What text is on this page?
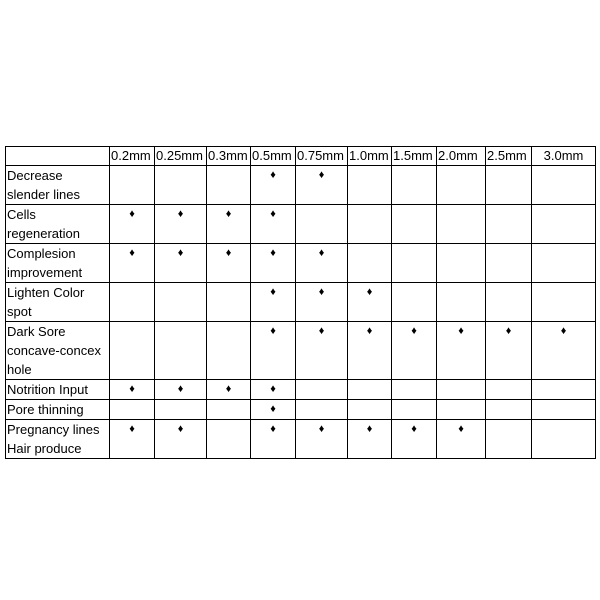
	0.2mm	0.25mm	0.3mm	0.5mm	0.75mm	1.0mm	1.5mm	2.0mm	2.5mm	3.0mm

Decrease
slender lines				♦	♦					

Cells
regeneration	♦	♦	♦	♦						

Complesion
improvement	♦	♦	♦	♦	♦					

Lighten Color
spot				♦	♦	♦				

Dark Sore
concave-concex
hole				♦	♦	♦	♦	♦	♦	♦

Notrition Input	♦	♦	♦	♦						

Pore thinning				♦						

Pregnancy lines
Hair produce	♦	♦		♦	♦	♦	♦	♦		
